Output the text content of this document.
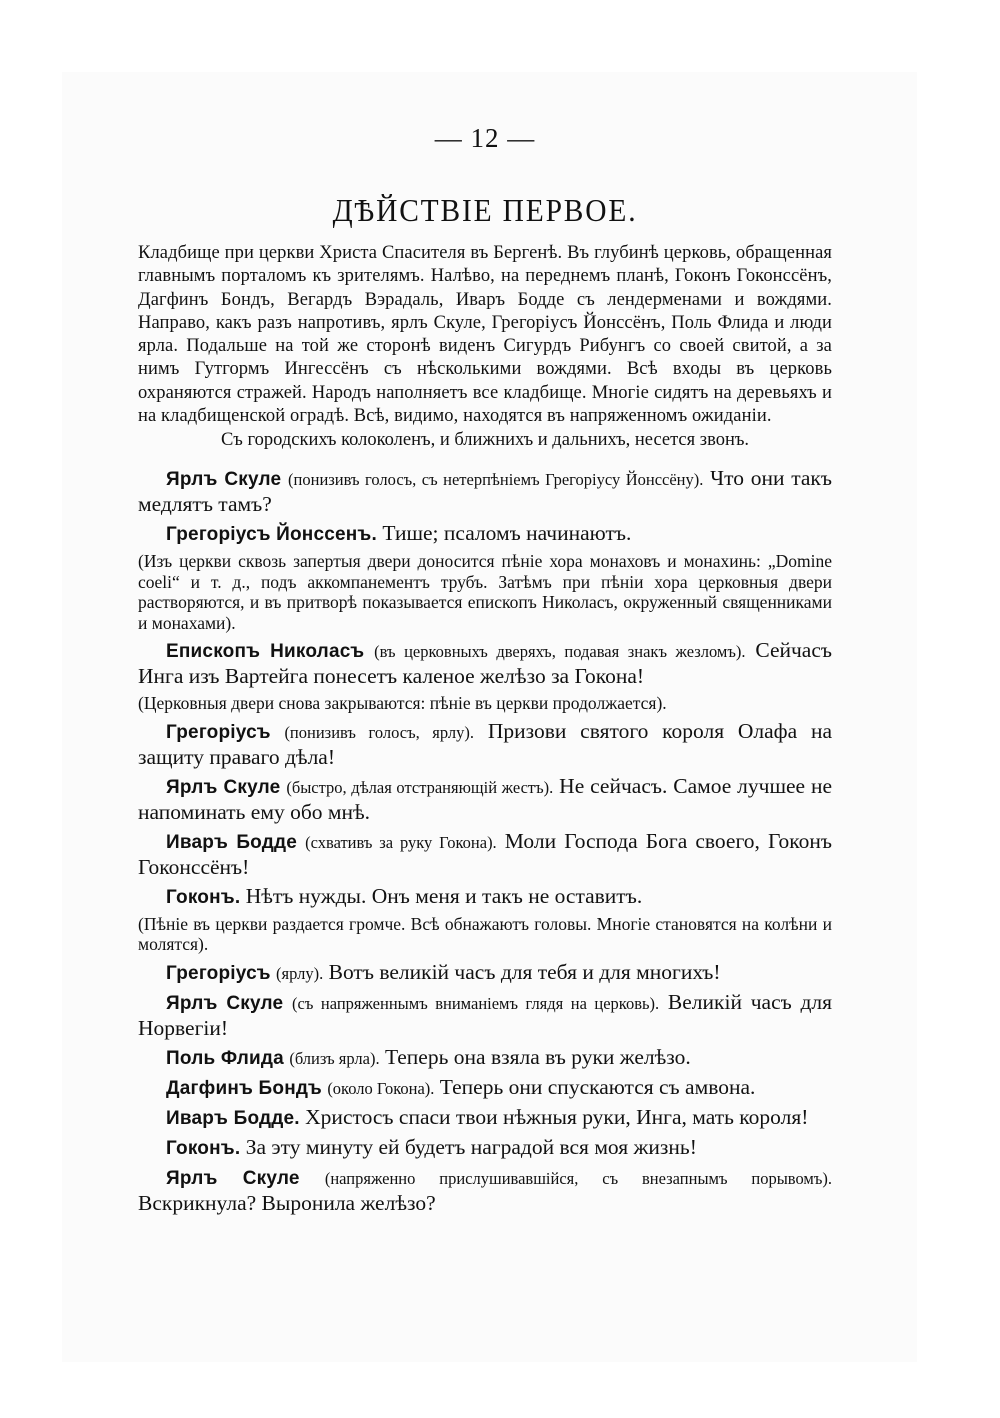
— 12 —
ДѢЙСТВІЕ ПЕРВОЕ.

Кладбище при церкви Христа Спасителя въ Бергенѣ. Въ глубинѣ церковь, обращенная главнымъ порталомъ къ зрителямъ. Налѣво, на переднемъ планѣ, Гоконъ Гоконсcёнъ, Дагфинъ Бондъ, Вегардъ Вэрадаль, Иваръ Бодде съ лендерменами и вождями. Направо, какъ разъ напротивъ, ярлъ Скуле, Грегоріусъ Йонссёнъ, Поль Флида и люди ярла. Подальше на той же сторонѣ виденъ Сигурдъ Рибунгъ со своей свитой, а за нимъ Гутгормъ Ингессёнъ съ нѣсколькими вождями. Всѣ входы въ церковь охраняются стражей. Народъ наполняетъ все кладбище. Многіе сидятъ на деревьяхъ и на кладбищенской оградѣ. Всѣ, видимо, находятся въ напряженномъ ожиданіи.

Съ городскихъ колоколенъ, и ближнихъ и дальнихъ, несется звонъ.

Ярлъ Скуле (понизивъ голосъ, съ нетерпѣніемъ Грегоріусу Йонссёну). Что они такъ медлятъ тамъ?

Грегоріусъ Йонссенъ. Тише; псаломъ начинаютъ.

(Изъ церкви сквозь запертыя двери доносится пѣніе хора монаховъ и монахинь: „Domine coeli“ и т. д., подъ аккомпанементъ трубъ. Затѣмъ при пѣніи хора церковныя двери растворяются, и въ притворѣ показывается епископъ Николасъ, окруженный священниками и монахами).

Епископъ Николасъ (въ церковныхъ дверяхъ, подавая знакъ жезломъ). Сейчасъ Инга изъ Вартейга понесетъ каленое желѣзо за Гокона!

(Церковныя двери снова закрываются: пѣніе въ церкви продолжается).

Грегоріусъ (понизивъ голосъ, ярлу). Призови святого короля Олафа на защиту праваго дѣла!

Ярлъ Скуле (быстро, дѣлая отстраняющій жестъ). Не сейчасъ. Самое лучшее не напоминать ему обо мнѣ.

Иваръ Бодде (схвативъ за руку Гокона). Моли Господа Бога своего, Гоконъ Гоконссёнъ!

Гоконъ. Нѣтъ нужды. Онъ меня и такъ не оставитъ.

(Пѣніе въ церкви раздается громче. Всѣ обнажаютъ головы. Многіе становятся на колѣни и молятся).

Грегоріусъ (ярлу). Вотъ великій часъ для тебя и для многихъ!

Ярлъ Скуле (съ напряженнымъ вниманіемъ глядя на церковь). Великій часъ для Норвегіи!

Поль Флида (близъ ярла). Теперь она взяла въ руки желѣзо.

Дагфинъ Бондъ (около Гокона). Теперь они спускаются съ амвона.

Иваръ Бодде. Христосъ спаси твои нѣжныя руки, Инга, мать короля!

Гоконъ. За эту минуту ей будетъ наградой вся моя жизнь!

Ярлъ Скуле (напряженно прислушивавшійся, съ внезапнымъ порывомъ). Вскрикнула? Выронила желѣзо?
